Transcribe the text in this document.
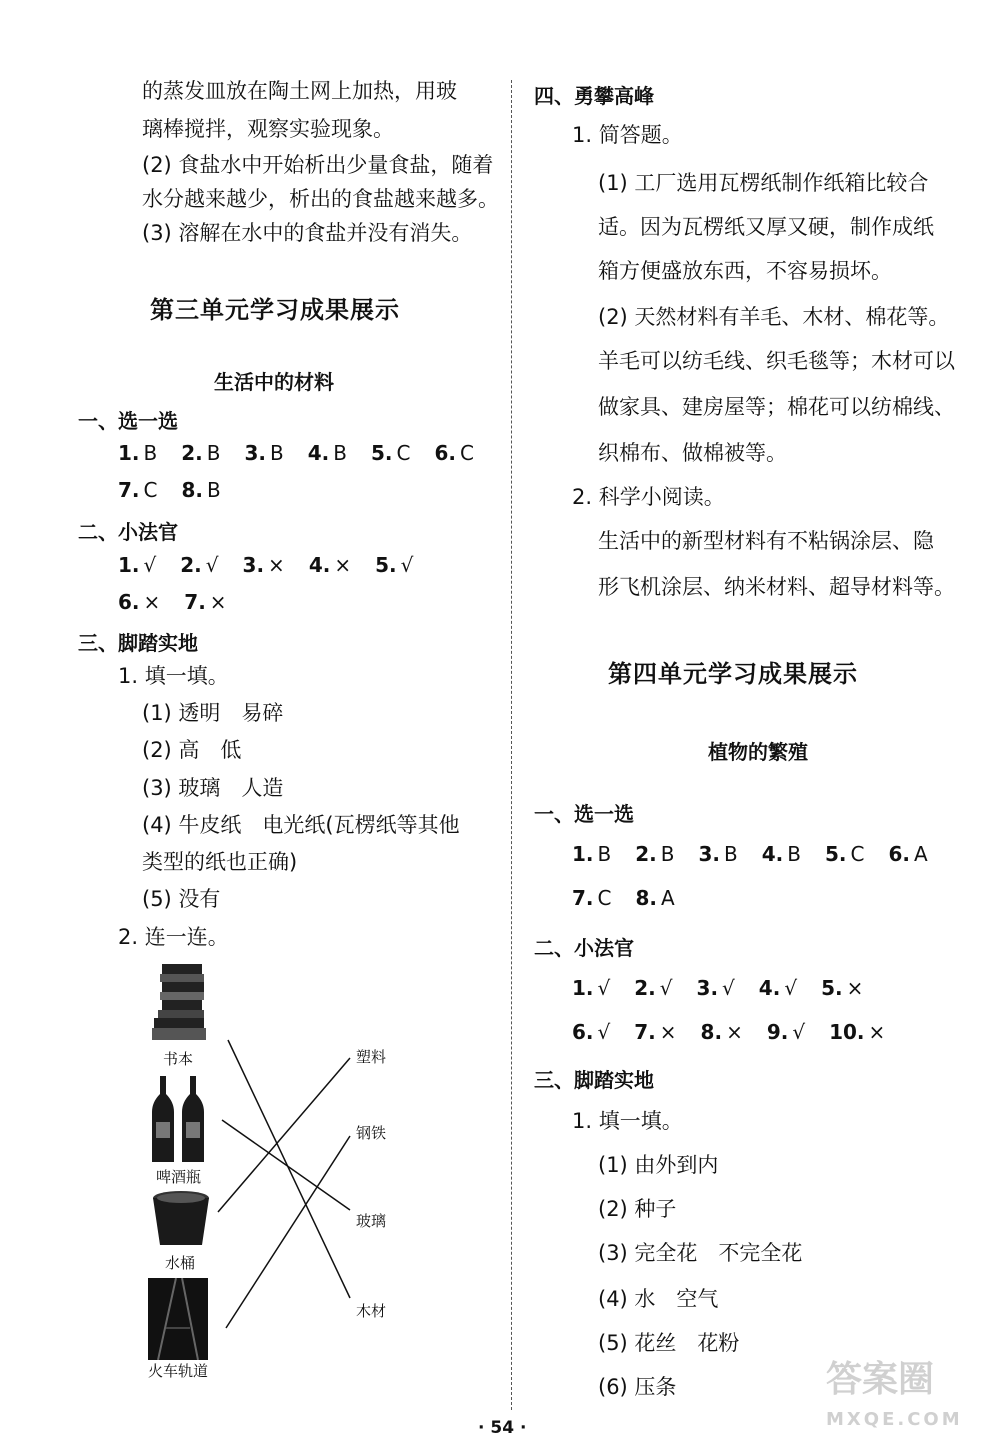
的蒸发皿放在陶土网上加热，用玻
璃棒搅拌，观察实验现象。
(2) 食盐水中开始析出少量食盐，随着
水分越来越少，析出的食盐越来越多。
(3) 溶解在水中的食盐并没有消失。
第三单元学习成果展示
生活中的材料
一、选一选
1. B 2. B 3. B 4. B 5. C 6. C
7. C 8. B
二、小法官
1. √ 2. √ 3. × 4. × 5. √
6. × 7. ×
三、脚踏实地
1. 填一填。
(1) 透明　易碎
(2) 高　低
(3) 玻璃　人造
(4) 牛皮纸　电光纸(瓦楞纸等其他
类型的纸也正确)
(5) 没有
2. 连一连。
书本
啤酒瓶
水桶
火车轨道
塑料
钢铁
玻璃
木材
四、勇攀高峰
1. 简答题。
(1) 工厂选用瓦楞纸制作纸箱比较合
适。因为瓦楞纸又厚又硬，制作成纸
箱方便盛放东西，不容易损坏。
(2) 天然材料有羊毛、木材、棉花等。
羊毛可以纺毛线、织毛毯等；木材可以
做家具、建房屋等；棉花可以纺棉线、
织棉布、做棉被等。
2. 科学小阅读。
生活中的新型材料有不粘锅涂层、隐
形飞机涂层、纳米材料、超导材料等。
第四单元学习成果展示
植物的繁殖
一、选一选
1. B 2. B 3. B 4. B 5. C 6. A
7. C 8. A
二、小法官
1. √ 2. √ 3. √ 4. √ 5. ×
6. √ 7. × 8. × 9. √ 10. ×
三、脚踏实地
1. 填一填。
(1) 由外到内
(2) 种子
(3) 完全花　不完全花
(4) 水　空气
(5) 花丝　花粉
(6) 压条	答案圈
MXQE.COM
· 54 ·
